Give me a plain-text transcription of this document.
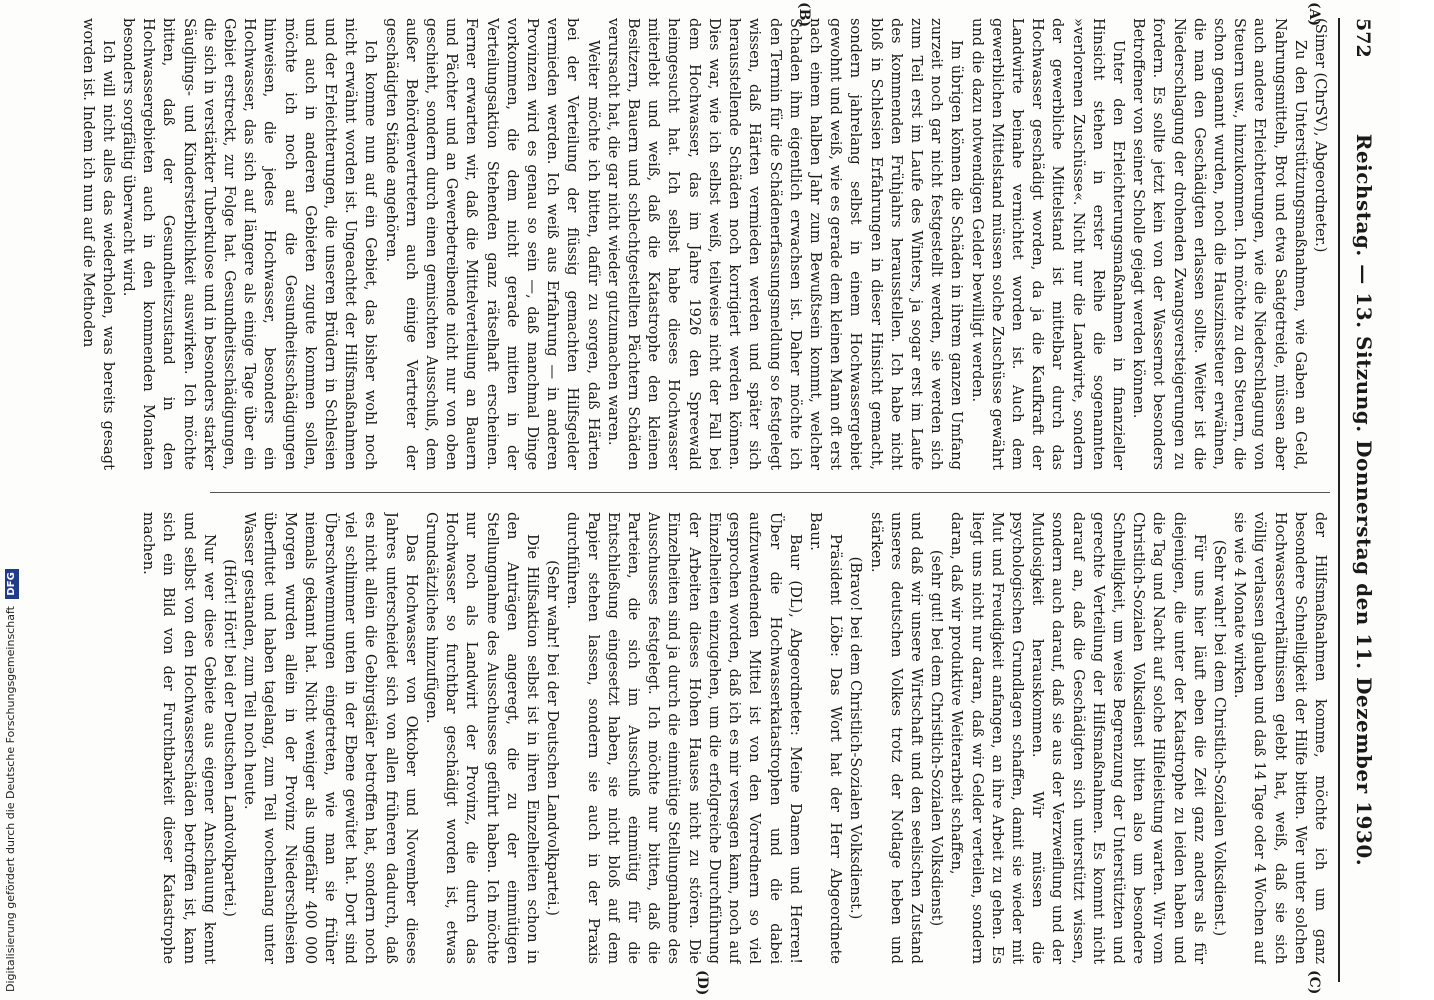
572
Reichstag. — 13. Sitzung. Donnerstag den 11. Dezember 1930.
(A)
(B)
(C)
(D)

(Simer (ChrSV), Abgeordneter.)

Zu den Unterstützungsmaßnahmen, wie Gaben an Geld, Nahrungsmitteln, Brot und etwa Saatgetreide, müssen aber auch andere Erleichterungen, wie die Niederschlagung von Steuern usw., hinzukommen. Ich möchte zu den Steuern, die schon genannt wurden, noch die Hauszinssteuer erwähnen, die man den Geschädigten erlassen sollte. Weiter ist die Niederschlagung der drohenden Zwangsversteigerungen zu fordern. Es sollte jetzt kein von der Wassernot besonders Betroffener von seiner Scholle gejagt werden können.

Unter den Erleichterungsmaßnahmen in finanzieller Hinsicht stehen in erster Reihe die sogenannten »verlorenen Zuschüsse«. Nicht nur die Landwirte, sondern der gewerbliche Mittelstand ist mittelbar durch das Hochwasser geschädigt worden, da ja die Kaufkraft der Landwirte beinahe vernichtet worden ist. Auch dem gewerblichen Mittelstand müssen solche Zuschüsse gewährt und die dazu notwendigen Gelder bewilligt werden.

Im übrigen können die Schäden in ihrem ganzen Umfang zurzeit noch gar nicht festgestellt werden, sie werden sich zum Teil erst im Laufe des Winters, ja sogar erst im Laufe des kommenden Frühjahrs herausstellen. Ich habe nicht bloß in Schlesien Erfahrungen in dieser Hinsicht gemacht, sondern jahrelang selbst in einem Hochwassergebiet gewohnt und weiß, wie es gerade dem kleinen Mann oft erst nach einem halben Jahr zum Bewußtsein kommt, welcher Schaden ihm eigentlich erwachsen ist. Daher möchte ich den Termin für die Schädenerfassungsmeldung so festgelegt wissen, daß Härten vermieden werden und später sich herausstellende Schäden noch korrigiert werden können. Dies war, wie ich selbst weiß, teilweise nicht der Fall bei dem Hochwasser, das im Jahre 1926 den Spreewald heimgesucht hat. Ich selbst habe dieses Hochwasser miterlebt und weiß, daß die Katastrophe den kleinen Besitzern, Bauern und schlechtgestellten Pächtern Schäden verursacht hat, die gar nicht wieder gutzumachen waren.

Weiter möchte ich bitten, dafür zu sorgen, daß Härten bei der Verteilung der flüssig gemachten Hilfsgelder vermieden werden. Ich weiß aus Erfahrung — in anderen Provinzen wird es genau so sein —, daß manchmal Dinge vorkommen, die dem nicht gerade mitten in der Verteilungsaktion Stehenden ganz rätselhaft erscheinen. Ferner erwarten wir, daß die Mittelverteilung an Bauern und Pächter und an Gewerbetreibende nicht nur von oben geschieht, sondern durch einen gemischten Ausschuß, dem außer Behördenvertretern auch einige Vertreter der geschädigten Stände angehören.

Ich komme nun auf ein Gebiet, das bisher wohl noch nicht erwähnt worden ist. Ungeachtet der Hilfsmaßnahmen und der Erleichterungen, die unseren Brüdern in Schlesien und auch in anderen Gebieten zugute kommen sollen, möchte ich noch auf die Gesundheitsschädigungen hinweisen, die jedes Hochwasser, besonders ein Hochwasser, das sich auf längere als einige Tage über ein Gebiet erstreckt, zur Folge hat. Gesundheitsschädigungen, die sich in verstärkter Tuberkulose und in besonders starker Säuglings- und Kindersterblichkeit auswirken. Ich möchte bitten, daß der Gesundheitszustand in den Hochwassergebieten auch in den kommenden Monaten besonders sorgfältig überwacht wird.

Ich will nicht alles das wiederholen, was bereits gesagt worden ist. Indem ich nun auf die Methoden

der Hilfsmaßnahmen komme, möchte ich um ganz besondere Schnelligkeit der Hilfe bitten. Wer unter solchen Hochwasserverhältnissen gelebt hat, weiß, daß sie sich völlig verlassen glauben und daß 14 Tage oder 4 Wochen auf sie wie 4 Monate wirken.

(Sehr wahr! bei dem Christlich-Sozialen Volksdienst.)

Für uns hier läuft eben die Zeit ganz anders als für diejenigen, die unter der Katastrophe zu leiden haben und die Tag und Nacht auf solche Hilfeleistung warten. Wir vom Christlich-Sozialen Volksdienst bitten also um besondere Schnelligkeit, um weise Begrenzung der Unterstützten und gerechte Verteilung der Hilfsmaßnahmen. Es kommt nicht darauf an, daß die Geschädigten sich unterstützt wissen, sondern auch darauf, daß sie aus der Verzweiflung und der Mutlosigkeit herauskommen. Wir müssen die psychologischen Grundlagen schaffen, damit sie wieder mit Mut und Freudigkeit anfangen, an ihre Arbeit zu gehen. Es liegt uns nicht nur daran, daß wir Gelder verteilen, sondern daran, daß wir produktive Weiterarbeit schaffen,

(sehr gut! bei dem Christlich-Sozialen Volksdienst)

und daß wir unsere Wirtschaft und den seelischen Zustand unseres deutschen Volkes trotz der Notlage heben und stärken.

(Bravo! bei dem Christlich-Sozialen Volksdienst.)

Präsident Löbe: Das Wort hat der Herr Abgeordnete Baur.

Baur (DL), Abgeordneter: Meine Damen und Herren! Über die Hochwasserkatastrophen und die dabei aufzuwendenden Mittel ist von den Vorrednern so viel gesprochen worden, daß ich es mir versagen kann, noch auf Einzelheiten einzugehen, um die erfolgreiche Durchführung der Arbeiten dieses Hohen Hauses nicht zu stören. Die Einzelheiten sind ja durch die einmütige Stellungnahme des Ausschusses festgelegt. Ich möchte nur bitten, daß die Parteien, die sich im Ausschuß einmütig für die Entschließung eingesetzt haben, sie nicht bloß auf dem Papier stehen lassen, sondern sie auch in der Praxis durchführen.

(Sehr wahr! bei der Deutschen Landvolkpartei.)

Die Hilfsaktion selbst ist in ihren Einzelheiten schon in den Anträgen angeregt, die zu der einmütigen Stellungnahme des Ausschusses geführt haben. Ich möchte nur noch als Landwirt der Provinz, die durch das Hochwasser so furchtbar geschädigt worden ist, etwas Grundsätzliches hinzufügen.

Das Hochwasser von Oktober und November dieses Jahres unterscheidet sich von allen früheren dadurch, daß es nicht allein die Gebirgstäler betroffen hat, sondern noch viel schlimmer unten in der Ebene gewütet hat. Dort sind Überschwemmungen eingetreten, wie man sie früher niemals gekannt hat. Nicht weniger als ungefähr 400 000 Morgen wurden allein in der Provinz Niederschlesien überflutet und haben tagelang, zum Teil wochenlang unter Wasser gestanden, zum Teil noch heute.

(Hört! Hört! bei der Deutschen Landvolkpartei.)

Nur wer diese Gebiete aus eigener Anschauung kennt und selbst von den Hochwasserschäden betroffen ist, kann sich ein Bild von der Furchtbarkeit dieser Katastrophe machen.

Digitalisierung gefördert durch die Deutsche Forschungsgemeinschaft DFG
